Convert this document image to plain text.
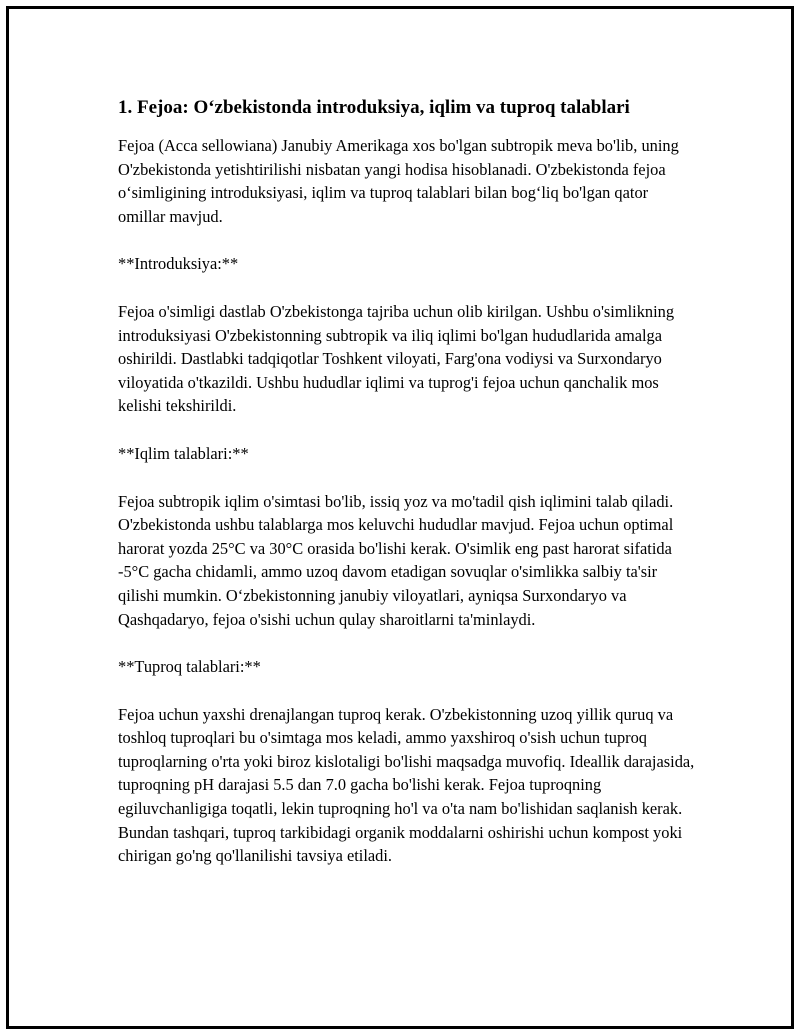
1. Fejoa: O‘zbekistonda introduksiya, iqlim va tuproq talablari

Fejoa (Acca sellowiana) Janubiy Amerikaga xos bo'lgan subtropik meva bo'lib, uning O'zbekistonda yetishtirilishi nisbatan yangi hodisa hisoblanadi. O'zbekistonda fejoa o‘simligining introduksiyasi, iqlim va tuproq talablari bilan bog‘liq bo'lgan qator omillar mavjud.

**Introduksiya:**

Fejoa o'simligi dastlab O'zbekistonga tajriba uchun olib kirilgan. Ushbu o'simlikning introduksiyasi O'zbekistonning subtropik va iliq iqlimi bo'lgan hududlarida amalga oshirildi. Dastlabki tadqiqotlar Toshkent viloyati, Farg'ona vodiysi va Surxondaryo viloyatida o'tkazildi. Ushbu hududlar iqlimi va tuprog'i fejoa uchun qanchalik mos kelishi tekshirildi.

**Iqlim talablari:**

Fejoa subtropik iqlim o'simtasi bo'lib, issiq yoz va mo'tadil qish iqlimini talab qiladi. O'zbekistonda ushbu talablarga mos keluvchi hududlar mavjud. Fejoa uchun optimal harorat yozda 25°C va 30°C orasida bo'lishi kerak. O'simlik eng past harorat sifatida -5°C gacha chidamli, ammo uzoq davom etadigan sovuqlar o'simlikka salbiy ta'sir qilishi mumkin. O‘zbekistonning janubiy viloyatlari, ayniqsa Surxondaryo va Qashqadaryo, fejoa o'sishi uchun qulay sharoitlarni ta'minlaydi.

**Tuproq talablari:**

Fejoa uchun yaxshi drenajlangan tuproq kerak. O'zbekistonning uzoq yillik quruq va toshloq tuproqlari bu o'simtaga mos keladi, ammo yaxshiroq o'sish uchun tuproq tuproqlarning o'rta yoki biroz kislotaligi bo'lishi maqsadga muvofiq. Ideallik darajasida, tuproqning pH darajasi 5.5 dan 7.0 gacha bo'lishi kerak. Fejoa tuproqning egiluvchanligiga toqatli, lekin tuproqning ho'l va o'ta nam bo'lishidan saqlanish kerak. Bundan tashqari, tuproq tarkibidagi organik moddalarni oshirishi uchun kompost yoki chirigan go'ng qo'llanilishi tavsiya etiladi.
